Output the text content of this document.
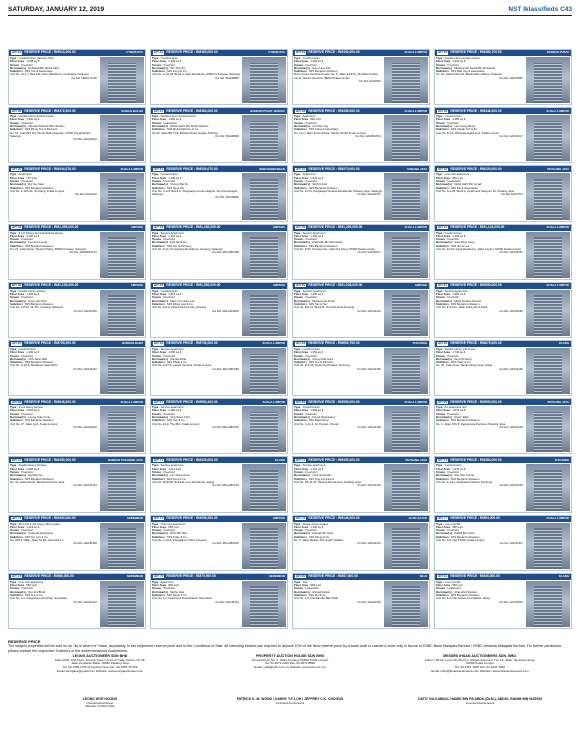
SATURDAY, JANUARY 12, 2019	NST Iklassifieds C43
AR 42 RESERVE PRICE : RM513,000.00	CYBERJAYA
Type : Condominium (Service Unit)
Floor Area : 1,048 sq.ft
Tenure : Freehold
Borrower(s) : Hj Manaf Bin Mohd Nasir
Solicitors : M/S Yap & Associates
Unit No. 21-1-1, Block B, Palm Residence, Cyberjaya, Selangor
Our Ref :HMA/171220
AR 43 RESERVE PRICE : RM469,000.00	CYBERJAYA
Type : Condominium
Floor Area : 1,345 sq.ft
Tenure : Freehold
Borrower(s) : Tan Ting Zin
Solicitors : M/S Kong & Co
Unit No. C-41-03, Block C Sanc Residency, 63000 Cyberjaya, Selangor
Our Ref :PAH/28865
AR 44 RESERVE PRICE : RM430,000.00	KUALA LUMPUR
Type : Condominium
Floor Area : 1,200 sq.ft
Tenure : Freehold
Borrower(s) : Soon Hooi Sze
Solicitors : M/S Benjamin Dawson
B-6-2, Desa Gembira Condo, No. 6, Jalan 1/137A, Off Jalan Kuchai Lama, Taman Gembira, 58200 Kuala Lumpur
Our Ref :HK/22910
AR 45 RESERVE PRICE : RM380,700.00	BANDAR PUSAT
Type : Double storey terrace house
Floor Area : 1,540 sq.ft
Tenure : Freehold
Borrower(s) : Muhammad Faizal Bin Mohamad
Solicitors : M/S Mak Yap & Associates
No. 22, Jalan Pulai 2/4, Bandar Baru Bangi, Selangor
Our Ref :HA/123987
AR 46 RESERVE PRICE : RM372,000.00	SUNGAI BULOH
Type : Double storey terrace house
Floor Area : 1,400 sq.ft
Tenure : Freehold
Borrower(s) : Ahmad Nizarudin Bin Ibrahim
Solicitors : M/S Wong Tan & Partners
No. 51, Jalan BS 2/9, Taman Bukit Sagutan, 47000 Sungai Buloh, Selangor
Our Ref :HA/194021
AR 47 RESERVE PRICE : RM364,000.00	BANDAR PUSAT JENGKA
Type : Double storey terrace house
Floor Area : 1,650 sq.ft
Tenure : Leasehold
Borrower(s) : Mohd Harris Bin Mohd Hashim
Solicitors : M/S Abdul Rahman & Co
No 62, Jalan BPJ 2/4, Bandar Pusat Jengka, Pahang
Our Ref :PAH/28900
AR 48 RESERVE PRICE : RM358,000.00	KUALA LUMPUR
Type : Apartment
Floor Area : 900 sq.ft
Tenure : Freehold
Borrower(s) : Lim Mei Ling
Solicitors : M/S Chee & Associates
No. 11-3, Jalan Sentul Pasar, Sentul, 51100 Kuala Lumpur
Our Ref :HA/WS/2001
AR 49 RESERVE PRICE : RM348,000.00	KUALA LUMPUR
Type : Condominium
Floor Area : 1,085 sq.ft
Tenure : Freehold
Borrower(s) : Lam Hong Meng
Solicitors : M/S Cheah Teh & Su
Unit No. 8-3-6, Riverside Apartment, Kuala Lumpur
Our Ref :HA/191217
AR 50 RESERVE PRICE : RM344,078.00	KUALA LUMPUR
Type : Apartment
Floor Area : 737 sq.ft
Tenure : Freehold
Borrower(s) : Ng Yee Siew
Solicitors : M/S Benjamin Dawson
Unit No. 2-13A-02, Jln Klang, Kuala Lumpur
Our Ref :HA/42012
AR 51 RESERVE PRICE : RM300,070.00	SERI KEMBANGAN
Type : Condominium
Floor Area : 1,345 sq.ft
Tenure : Freehold
Borrower(s) : Chong Wai Kit
Solicitors : M/S Ng & Ooi
Unit No. C-3-6, Block C, Pangsapuri Aman Heights, Seri Kembangan, Selangor
Our Ref :PAH/28805
AR 52 RESERVE PRICE : RM270,000.00	SUBANG JAYA
Type : Apartment
Floor Area : 1,023 sq.ft
Tenure : Freehold
Borrower(s) : Tai Kim Fatt
Solicitors : M/S Benjamin Dawson
Unit No. 10-11, Pangsapuri Kelana Residential, Subang Jaya, Selangor
Our Ref :HA/191207
AR 53 RESERVE PRICE : RM225,000.00	PETALING JAYA
Type : Low cost apartment
Floor Area : 650 sq.ft
Tenure : Leasehold
Borrower(s) : Mohd Hafiz Bin Ismail
Solicitors : M/S Nik & Associates
Unit No. A-4-05, Block A, Apartment Seksyen 16, Petaling Jaya
Our Ref :HA/17211
AR 54 RESERVE PRICE : RM1,099,000.00	AMPANG
Type : 3-1/2 Storey Semi-Detached House
Floor Area : 3,400 sq.ft
Tenure : Freehold
Borrower(s) : Lee Kok Leong
Solicitors : M/S Benjamin Dawson
No. 15, Jalan Dinar, Taman D'Ukay, 68000 Ampang, Selangor
Our Ref :HMA/B/KSC11
AR 55 RESERVE PRICE : RM1,430,000.00	AMPANG
Type : Service Apartment
Floor Area : 1,216 sq.ft
Tenure : Freehold
Borrower(s) : Digi Services
Solicitors : M/S Tan & Partners
Unit No. 9-10, Sri Ampang Residence, Ampang, Selangor
Our Ref :MALA/BSC88
AR 56 RESERVE PRICE : RM1,290,000.00	KUALA LUMPUR
Type : Service Apartment
Floor Area : 1,216 sq.ft
Tenure : Freehold
Borrower(s) : Khairudin Bin Abd Ghani
Solicitors : M/S Benjamin Dawson
Unit No. 5-09, Sunwaymas, Jalan Kia Peng, 50450 Kuala Lumpur
Our Ref :HA/191177
AR 57 RESERVE PRICE : RM1,124,000.00	KUALA LUMPUR
Type : Condominium
Floor Area : 1,493 sq.ft
Tenure : Freehold
Borrower(s) : Siew Ming Seng
Solicitors : M/S Ooi & Lee
Unit No. 13-01, Gaya Residency, Jalan Ceylon, 50200 Kuala Lumpur
Our Ref :HA/191267
AR 58 RESERVE PRICE : RM1,105,000.00	AMPANG
Type : Double storey terrace
Floor Area : 1,925 sq.ft
Tenure : Freehold
Borrower(s) : Kong Yew Mun
Solicitors : M/S Benjamin Dawson
Unit No. 2-8-10, Jln 8/2, Ampang, Selangor
Our Ref :HA/191136
AR 59 RESERVE PRICE : RM1,053,000.00	AMPANG
Type : Condominium
Floor Area : 1,870 sq.ft
Tenure : Freehold
Borrower(s) : Mary Lim Chee Lan
Solicitors : M/S Wong Law & Co
Unit No. A-5-2, Fettes Park Condo, Ampang
Our Ref :MALA/HSD18
AR 60 RESERVE PRICE : RM1,028,000.00	AMPANG
Type : Service Apartment
Floor Area : 1,430 sq.ft
Tenure : Freehold
Borrower(s) : Muhammad Imran
Solicitors : M/S Tan & Tan
Unit No. B-5-11, Block B, The Diamante Ampang
Our Ref :HA/191012
AR 61 RESERVE PRICE : RM959,000.00	KUALA LUMPUR
Type : Service apartment
Floor Area : 1,260 sq.ft
Tenure : Freehold
Borrower(s) : Mohd Firdaus Ahmad
Solicitors : M/S Benjamin Dawson
Unit No. E-12-01, Jalan Kiara, Mont Kiara
Our Ref :HA/191082
AR 62 RESERVE PRICE : RM753,000.00	BANDAR BARU
Type : Condominium
Floor Area : 1,100 sq.ft
Tenure : Freehold
Borrower(s) : Chin Siew Wah
Solicitors : M/S Benjamin Dawson
Unit No. C-22-5, Residensi Jalan Baru
Our Ref :HA/191237
AR 63 RESERVE PRICE : RM730,000.00	KUALA LUMPUR
Type : Service Apartment
Floor Area : 1,500 sq.ft
Tenure : Freehold
Borrower(s) : Ahmad Rizal
Solicitors : M/S Shaik & Co
Unit No. A-27-6, Laman Sentosa, Kuala Lumpur
Our Ref :MALA/BSC89
AR 64 RESERVE PRICE : RM690,700.00	PUCHONG
Type : Condominium
Floor Area : 1,250 sq.ft
Tenure : Freehold
Borrower(s) : Cheng Kah Hock
Solicitors : M/S Lim & Partners
Unit No. B-2-05, Puchong Perdana, Puchong
Our Ref :HA/191250
AR 65 RESERVE PRICE : RM675,000.00	KLANG
Type : Double storey link house
Floor Area : 1,740 sq.ft
Tenure : Freehold
Borrower(s) : Tan Kah Seng
Solicitors : M/S Chan & Co
No. 33, Jalan Kota, Taman Klang Jaya, Klang
Our Ref :HA/191290
AR 66 RESERVE PRICE : RM648,000.00	KUALA LUMPUR
Type : 2-1/2 storey terrace
Floor Area : 1,501 sq.ft
Tenure : Freehold
Borrower(s) : Leong Yoke Fong
Solicitors : M/S Benjamin Dawson
Unit No. 27, Jalan Ipoh, Kuala Lumpur
Our Ref :HA/191010
AR 67 RESERVE PRICE : RM594,400.00	KUALA LUMPUR
Type : Service apartment
Floor Area : 1,180 sq.ft
Tenure : Freehold
Borrower(s) : Ong Swee Chin
Solicitors : M/S Yap & Co
Unit No. 21-9, The Ritz, Kuala Lumpur
Our Ref :MALA/BSC90
AR 68 RESERVE PRICE : RM558,000.00	KUALA LUMPUR
Type : Condominium
Floor Area : 1,050 sq.ft
Tenure : Freehold
Borrower(s) : Kumar Ramasamy
Solicitors : M/S Raja Darryl
Unit No. C-11-3, Sri Penara, Cheras
Our Ref :HA/191300
AR 69 RESERVE PRICE : RM550,000.00	PETALING JAYA
Type : An apartment unit
Floor Area : 1,074 sq.ft
Tenure : Freehold
Borrower(s) : Sivam Raja
Solicitors : M/S Benjamin Dawson
No. 1, Jalan PJU 8, Damansara Perdana, Petaling Jaya
Our Ref :HA/191400
AR 70 RESERVE PRICE : RM450,000.00	BANDAR PUCHONG JAYA
Type : Double Storey Terrace
Floor Area : 1,650 sq.ft
Tenure : Freehold
Borrower(s) : Ng Wai Yee
Solicitors : M/S Benjamin Dawson
No. 41, Jalan Merah, Bandar Puchong Jaya
Our Ref :HA/191301
AR 71 RESERVE PRICE : RM439,000.00	KLANG
Type : Service apartment
Floor Area : 1,011 sq.ft
Tenure : Freehold
Borrower(s) : Lim Swee Hoon
Solicitors : M/S Azmi & Co
Unit No. B-05-09, Block B, Ivory Residence, Klang
Our Ref :MALA/BSC91
AR 72 RESERVE PRICE : RM405,000.00	PETALING JAYA
Type : Service apartment
Floor Area : 1,197 sq.ft
Tenure : Freehold
Borrower(s) : Yong Sook Mun
Solicitors : M/S Ong & Partners
Unit No. P5-10-15, Pelangi Damansara, Petaling Jaya
Our Ref :HA/191302
AR 73 RESERVE PRICE : RM384,000.00	PUCHONG
Type : Condominium
Floor Area : 1,076 sq.ft
Tenure : Freehold
Borrower(s) : Gan Wei Chong
Solicitors : M/S Benjamin Dawson
Unit No. A-13-2, Pangsapuri Kristal, Puchong
Our Ref :HA/191305
AR 74 RESERVE PRICE : RM300,000.00	SEREMBAN
Type : End unit 2-1/2 storey office space
Floor Area : 1,312 sq.ft
Tenure : Freehold
Borrower(s) : Sri Emas Enterprise
Solicitors : M/S Tan Lim & Co
No. 168 & 168A, Jalan S2 B1, Seremban 2
Our Ref :HA/191309
AR 75 RESERVE PRICE : RM259,200.00	AMPANG
Type : Low cost apartment
Floor Area : 658 sq.ft
Tenure : Freehold
Borrower(s) : Rosli Bin Mat
Solicitors : M/S Azlan & Co
Unit No. C-10-4, Pangsapuri Orkid, Ampang
Our Ref :MALA/BSC92
AR 76 RESERVE PRICE : RM146,000.00	ALOR GAJAH
Type : Single storey terrace
Floor Area : 1,300 sq.ft
Tenure : Freehold
Borrower(s) : Hasnah Bt Yusof
Solicitors : M/S Wong & Co
No. 5, Jalan Mawar, Alor Gajah, Melaka
Our Ref :HA/191310
AR 77 RESERVE PRICE : RM94,000.00	KUALA LUMPUR
Type : Low cost flat
Floor Area : 560 sq.ft
Tenure : Freehold
Borrower(s) : Zulkifli Bin Omar
Solicitors : M/S Benjamin Dawson
Unit No. 3-8, Flat PKNS, Kuala Lumpur
Our Ref :HA/191311
AR 78 RESERVE PRICE : RM86,000.00	SEREMBAN
Type : Low cost apartment
Floor Area : 550 sq.ft
Tenure : Freehold
Borrower(s) : Nor Aini Bt Ali
Solicitors : M/S Lee & Co
Unit No. 2-2, Pangsapuri Seri Pagi, Seremban
Our Ref :HA/191312
AR 79 RESERVE PRICE : RM70,000.00	SEREMBAN
Type : Apartment
Floor Area : 600 sq.ft
Tenure : Freehold
Borrower(s) : Muthu Velu
Solicitors : M/S Singh & Co
Unit No. 1-4, Apartment Desa Rasah, Seremban
Our Ref :HA/191313
AR 80 RESERVE PRICE : RM57,000.00	NILAI
Type : Flat
Floor Area : 538 sq.ft
Tenure : Leasehold
Borrower(s) : Ahmad Faizal
Solicitors : M/S Zul & Co
Unit No. 4-3, Flat Bandar Baru Nilai
Our Ref :HA/191314
AR 81 RESERVE PRICE : RM46,000.00	KLANG
Type : Low cost flat
Floor Area : 550 sq.ft
Tenure : Leasehold
Borrower(s) : Chandran Maniam
Solicitors : M/S Benjamin Dawson
Unit No. 5-2, Flat Taman Sri Andalas, Klang
Our Ref :HA/191315
RESERVE PRICE
The subject properties will be sold on an "as is where is" basis, separately, to the respective reserve price and to the Conditions of Sale. All intending bidders are required to deposit 10% of the fixed reserve price by a bank draft or cashier's order only in favour of HSBC Bank Malaysia Berhad / HSBC Amanah Malaysia Berhad. For further particulars, please contact the respective Solicitors or the undermentioned Auctioneers.
LEONG AUCTIONEER SDN BHD
Suite 1009, 10th Floor, Amcorp Tower, Amcorp Trade Centre, No.18,
Jalan Persiaran Barat, 46050 Petaling Jaya
Tel: 03-7958 1795 (6 hunting lines) Fax: 03-7955 78 799
Email: leongauc@gmail.com Website: www.leongauctioneer.com
PROPERTY AUCTION HOUSE SDN BHD
Ground Floor, No. 1, Jalan Ampang, 50450 Kuala Lumpur
Tel: 03-2072 2266 Fax: 03-2070 8899
Email: mala@pah.com.my Website: www.pah.com.my
MESSRS IHSAN AUCTIONEERS SDN. BHD.
Suite C-29-3A, Level 29, Block C, Megan Avenue II, No. 12, Jalan Yap Kwan Seng,
50450 Kuala Lumpur
Tel: 03-2161 1966 Fax: 03-2161 1966
Email: hsbc@ihsanauctioneers.com Website: www.ihsanauctioneers.com
LEONG WYE HOONG
Licensed Auctioneer
Member of MIA (USA)
PATRICK K. M. WONG / DANNY T.F. LOH / JEFFREY C.K. CHOONG
Licensed Auctioneers
DATO' HAJI ABDUL HAMID BIN PA'ABDU (DLM.), ABDUL RAHIM BIN HUSSIN
Licensed Auctioneers
